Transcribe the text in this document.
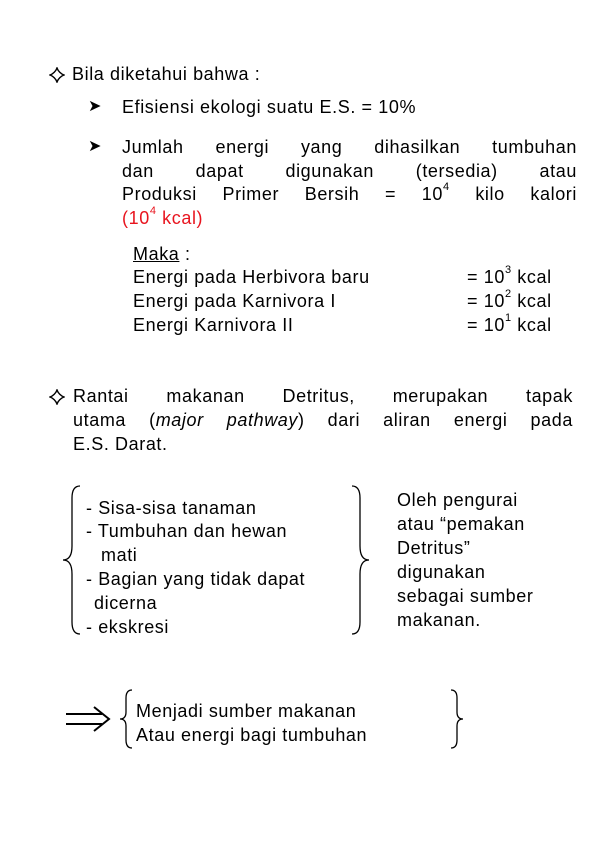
Bila diketahui bahwa :
➤ Efisiensi ekologi suatu E.S. = 10%
➤ Jumlah energi yang dihasilkan tumbuhan
dan dapat digunakan (tersedia) atau
Produksi Primer Bersih = $10^4$ kilo kalori
($10^4$ kcal)
Maka :
Energi pada Herbivora baru	= $10^3$ kcal
Energi pada Karnivora I	= $10^2$ kcal
Energi Karnivora II	= $10^1$ kcal
Rantai makanan Detritus, merupakan tapak
utama (major pathway) dari aliran energi pada
E.S. Darat.
- Sisa-sisa tanaman
- Tumbuhan dan hewan
mati
- Bagian yang tidak dapat
dicerna
- ekskresi
Oleh pengurai
atau “pemakan
Detritus”
digunakan
sebagai sumber
makanan.
Menjadi sumber makanan
Atau energi bagi tumbuhan
